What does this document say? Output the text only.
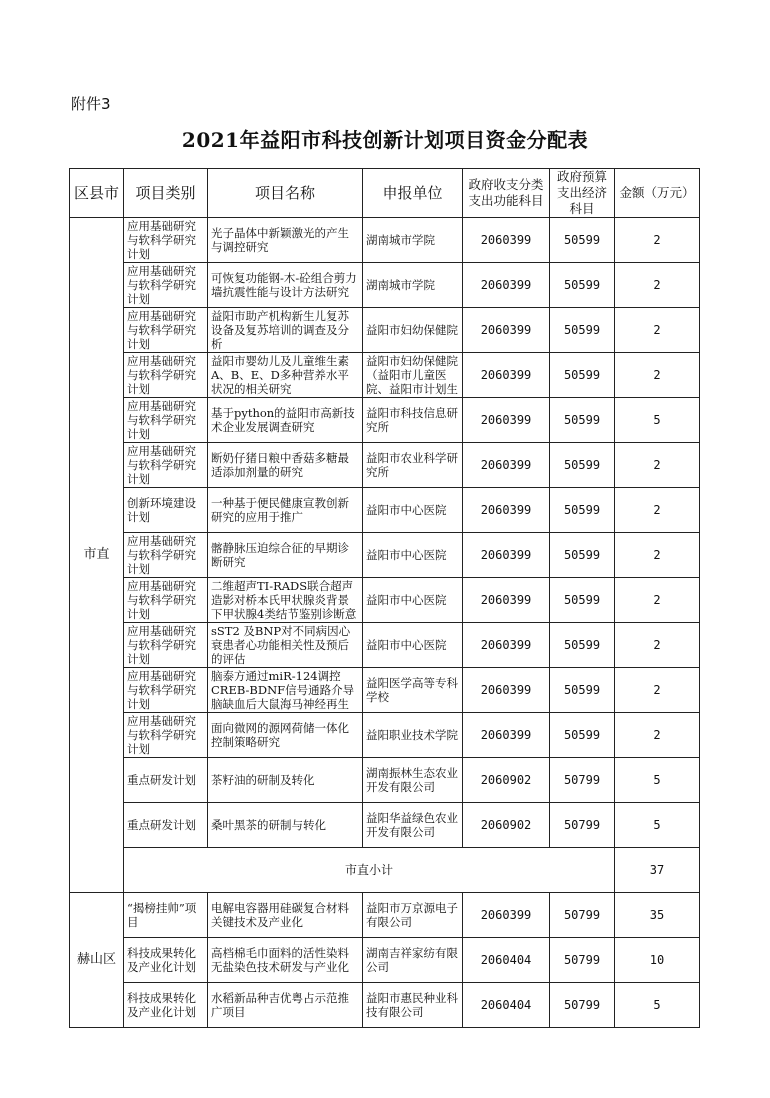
附件3
2021年益阳市科技创新计划项目资金分配表
区县市	项目类别	项目名称	申报单位	政府收支分类支出功能科目	政府预算支出经济科目	金额（万元）
市直	应用基础研究与软科学研究计划	光子晶体中新颖激光的产生与调控研究	湖南城市学院	2060399	50599	2

	应用基础研究与软科学研究计划	可恢复功能钢-木-砼组合剪力墙抗震性能与设计方法研究	湖南城市学院	2060399	50599	2

	应用基础研究与软科学研究计划	益阳市助产机构新生儿复苏设备及复苏培训的调查及分析	益阳市妇幼保健院	2060399	50599	2

	应用基础研究与软科学研究计划	益阳市婴幼儿及儿童维生素A、B、E、D多种营养水平状况的相关研究	益阳市妇幼保健院（益阳市儿童医院、益阳市计划生	2060399	50599	2

	应用基础研究与软科学研究计划	基于python的益阳市高新技术企业发展调查研究	益阳市科技信息研究所	2060399	50599	5

	应用基础研究与软科学研究计划	断奶仔猪日粮中香菇多糖最适添加剂量的研究	益阳市农业科学研究所	2060399	50599	2

	创新环境建设计划	一种基于便民健康宣教创新研究的应用于推广	益阳市中心医院	2060399	50599	2

	应用基础研究与软科学研究计划	髂静脉压迫综合征的早期诊断研究	益阳市中心医院	2060399	50599	2

	应用基础研究与软科学研究计划	二维超声TI-RADS联合超声造影对桥本氏甲状腺炎背景下甲状腺4类结节鉴别诊断意	益阳市中心医院	2060399	50599	2

	应用基础研究与软科学研究计划	sST2 及BNP对不同病因心衰患者心功能相关性及预后的评估	益阳市中心医院	2060399	50599	2

	应用基础研究与软科学研究计划	脑泰方通过miR-124调控CREB-BDNF信号通路介导脑缺血后大鼠海马神经再生	益阳医学高等专科学校	2060399	50599	2

	应用基础研究与软科学研究计划	面向微网的源网荷储一体化控制策略研究	益阳职业技术学院	2060399	50599	2

	重点研发计划	茶籽油的研制及转化	湖南振林生态农业开发有限公司	2060902	50799	5

	重点研发计划	桑叶黑茶的研制与转化	益阳华益绿色农业开发有限公司	2060902	50799	5
	市直小计					37
赫山区	“揭榜挂帅”项目	电解电容器用硅碳复合材料关键技术及产业化	益阳市万京源电子有限公司	2060399	50799	35

	科技成果转化及产业化计划	高档棉毛巾面料的活性染料无盐染色技术研发与产业化	湖南吉祥家纺有限公司	2060404	50799	10

	科技成果转化及产业化计划	水稻新品种吉优粤占示范推广项目	益阳市惠民种业科技有限公司	2060404	50799	5
